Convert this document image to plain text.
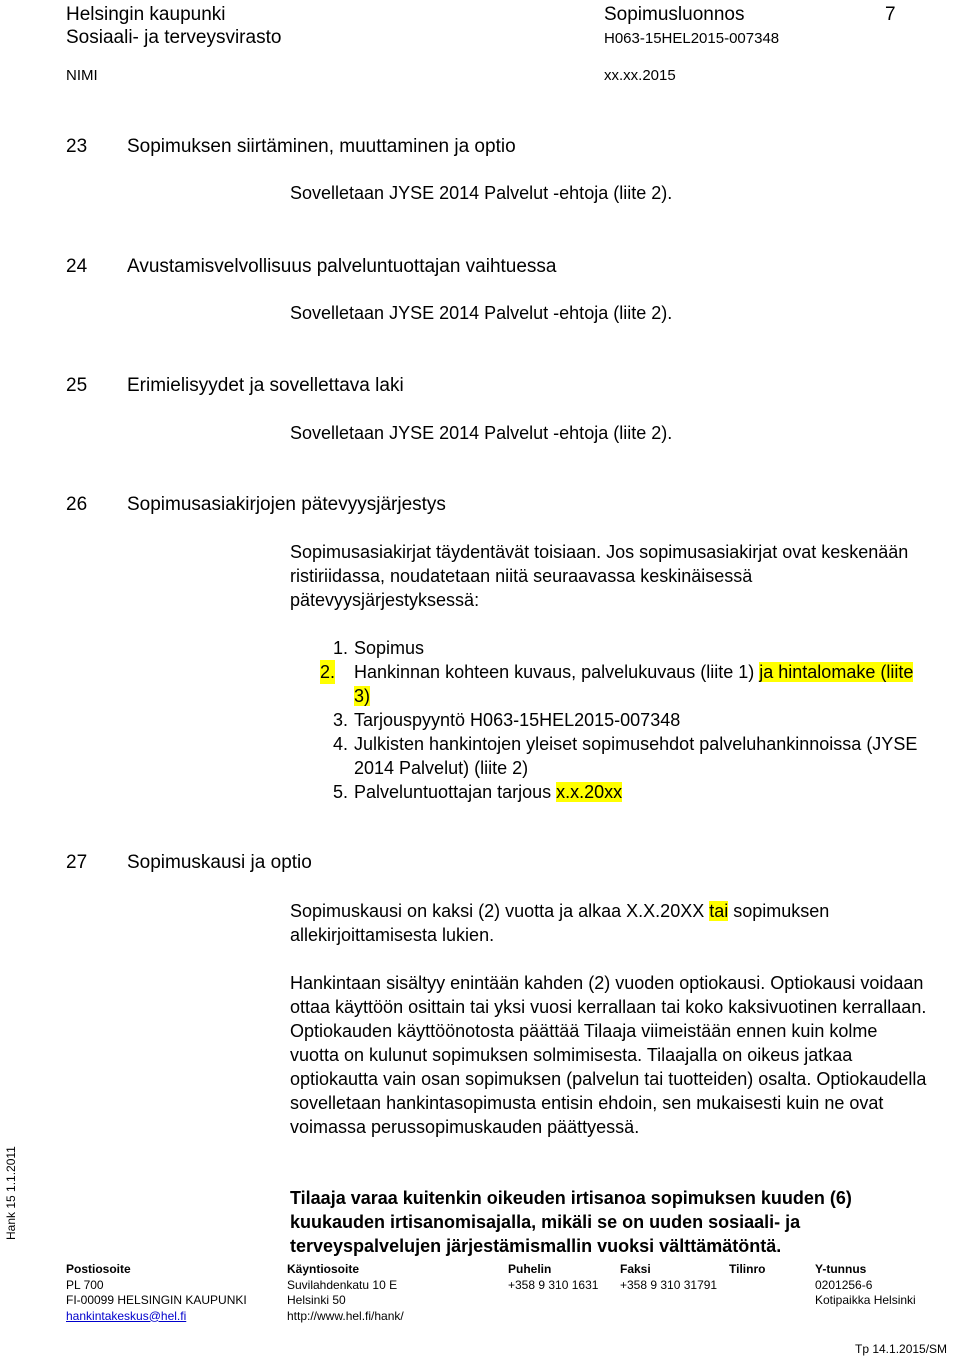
Helsingin kaupunki
Sosiaali- ja terveysvirasto
Sopimusluonnos	7
H063-15HEL2015-007348
NIMI	xx.xx.2015
23 Sopimuksen siirtäminen, muuttaminen ja optio
Sovelletaan JYSE 2014 Palvelut -ehtoja (liite 2).
24 Avustamisvelvollisuus palveluntuottajan vaihtuessa
Sovelletaan JYSE 2014 Palvelut -ehtoja (liite 2).
25 Erimielisyydet ja sovellettava laki
Sovelletaan JYSE 2014 Palvelut -ehtoja (liite 2).
26 Sopimusasiakirjojen pätevyysjärjestys
Sopimusasiakirjat täydentävät toisiaan. Jos sopimusasiakirjat ovat keskenään ristiriidassa, noudatetaan niitä seuraavassa keskinäisessä pätevyysjärjestyksessä:
1. Sopimus
2. Hankinnan kohteen kuvaus, palvelukuvaus (liite 1) ja hintalomake (liite 3)
3. Tarjouspyyntö H063-15HEL2015-007348
4. Julkisten hankintojen yleiset sopimusehdot palveluhankinnoissa (JYSE 2014 Palvelut) (liite 2)
5. Palveluntuottajan tarjous x.x.20xx
27 Sopimuskausi ja optio
Sopimuskausi on kaksi (2) vuotta ja alkaa X.X.20XX tai sopimuksen allekirjoittamisesta lukien.
Hankintaan sisältyy enintään kahden (2) vuoden optiokausi. Optiokausi voidaan ottaa käyttöön osittain tai yksi vuosi kerrallaan tai koko kaksivuotinen kerrallaan. Optiokauden käyttöönotosta päättää Tilaaja viimeistään ennen kuin kolme vuotta on kulunut sopimuksen solmimisesta. Tilaajalla on oikeus jatkaa optiokautta vain osan sopimuksen (palvelun tai tuotteiden) osalta. Optiokaudella sovelletaan hankintasopimusta entisin ehdoin, sen mukaisesti kuin ne ovat voimassa perussopimuskauden päättyessä.
Tilaaja varaa kuitenkin oikeuden irtisanoa sopimuksen kuuden (6) kuukauden irtisanomisajalla, mikäli se on uuden sosiaali- ja terveyspalvelujen järjestämismallin vuoksi välttämätöntä.
Hank 15 1.1.2011
Postiosoite
PL 700
FI-00099 HELSINGIN KAUPUNKI
hankintakeskus@hel.fi
Käyntiosoite
Suvilahdenkatu 10 E
Helsinki 50
http://www.hel.fi/hank/
Puhelin
+358 9 310 1631
Faksi
+358 9 310 31791
Tilinro	Y-tunnus
0201256-6
Kotipaikka Helsinki
Tp 14.1.2015/SM
